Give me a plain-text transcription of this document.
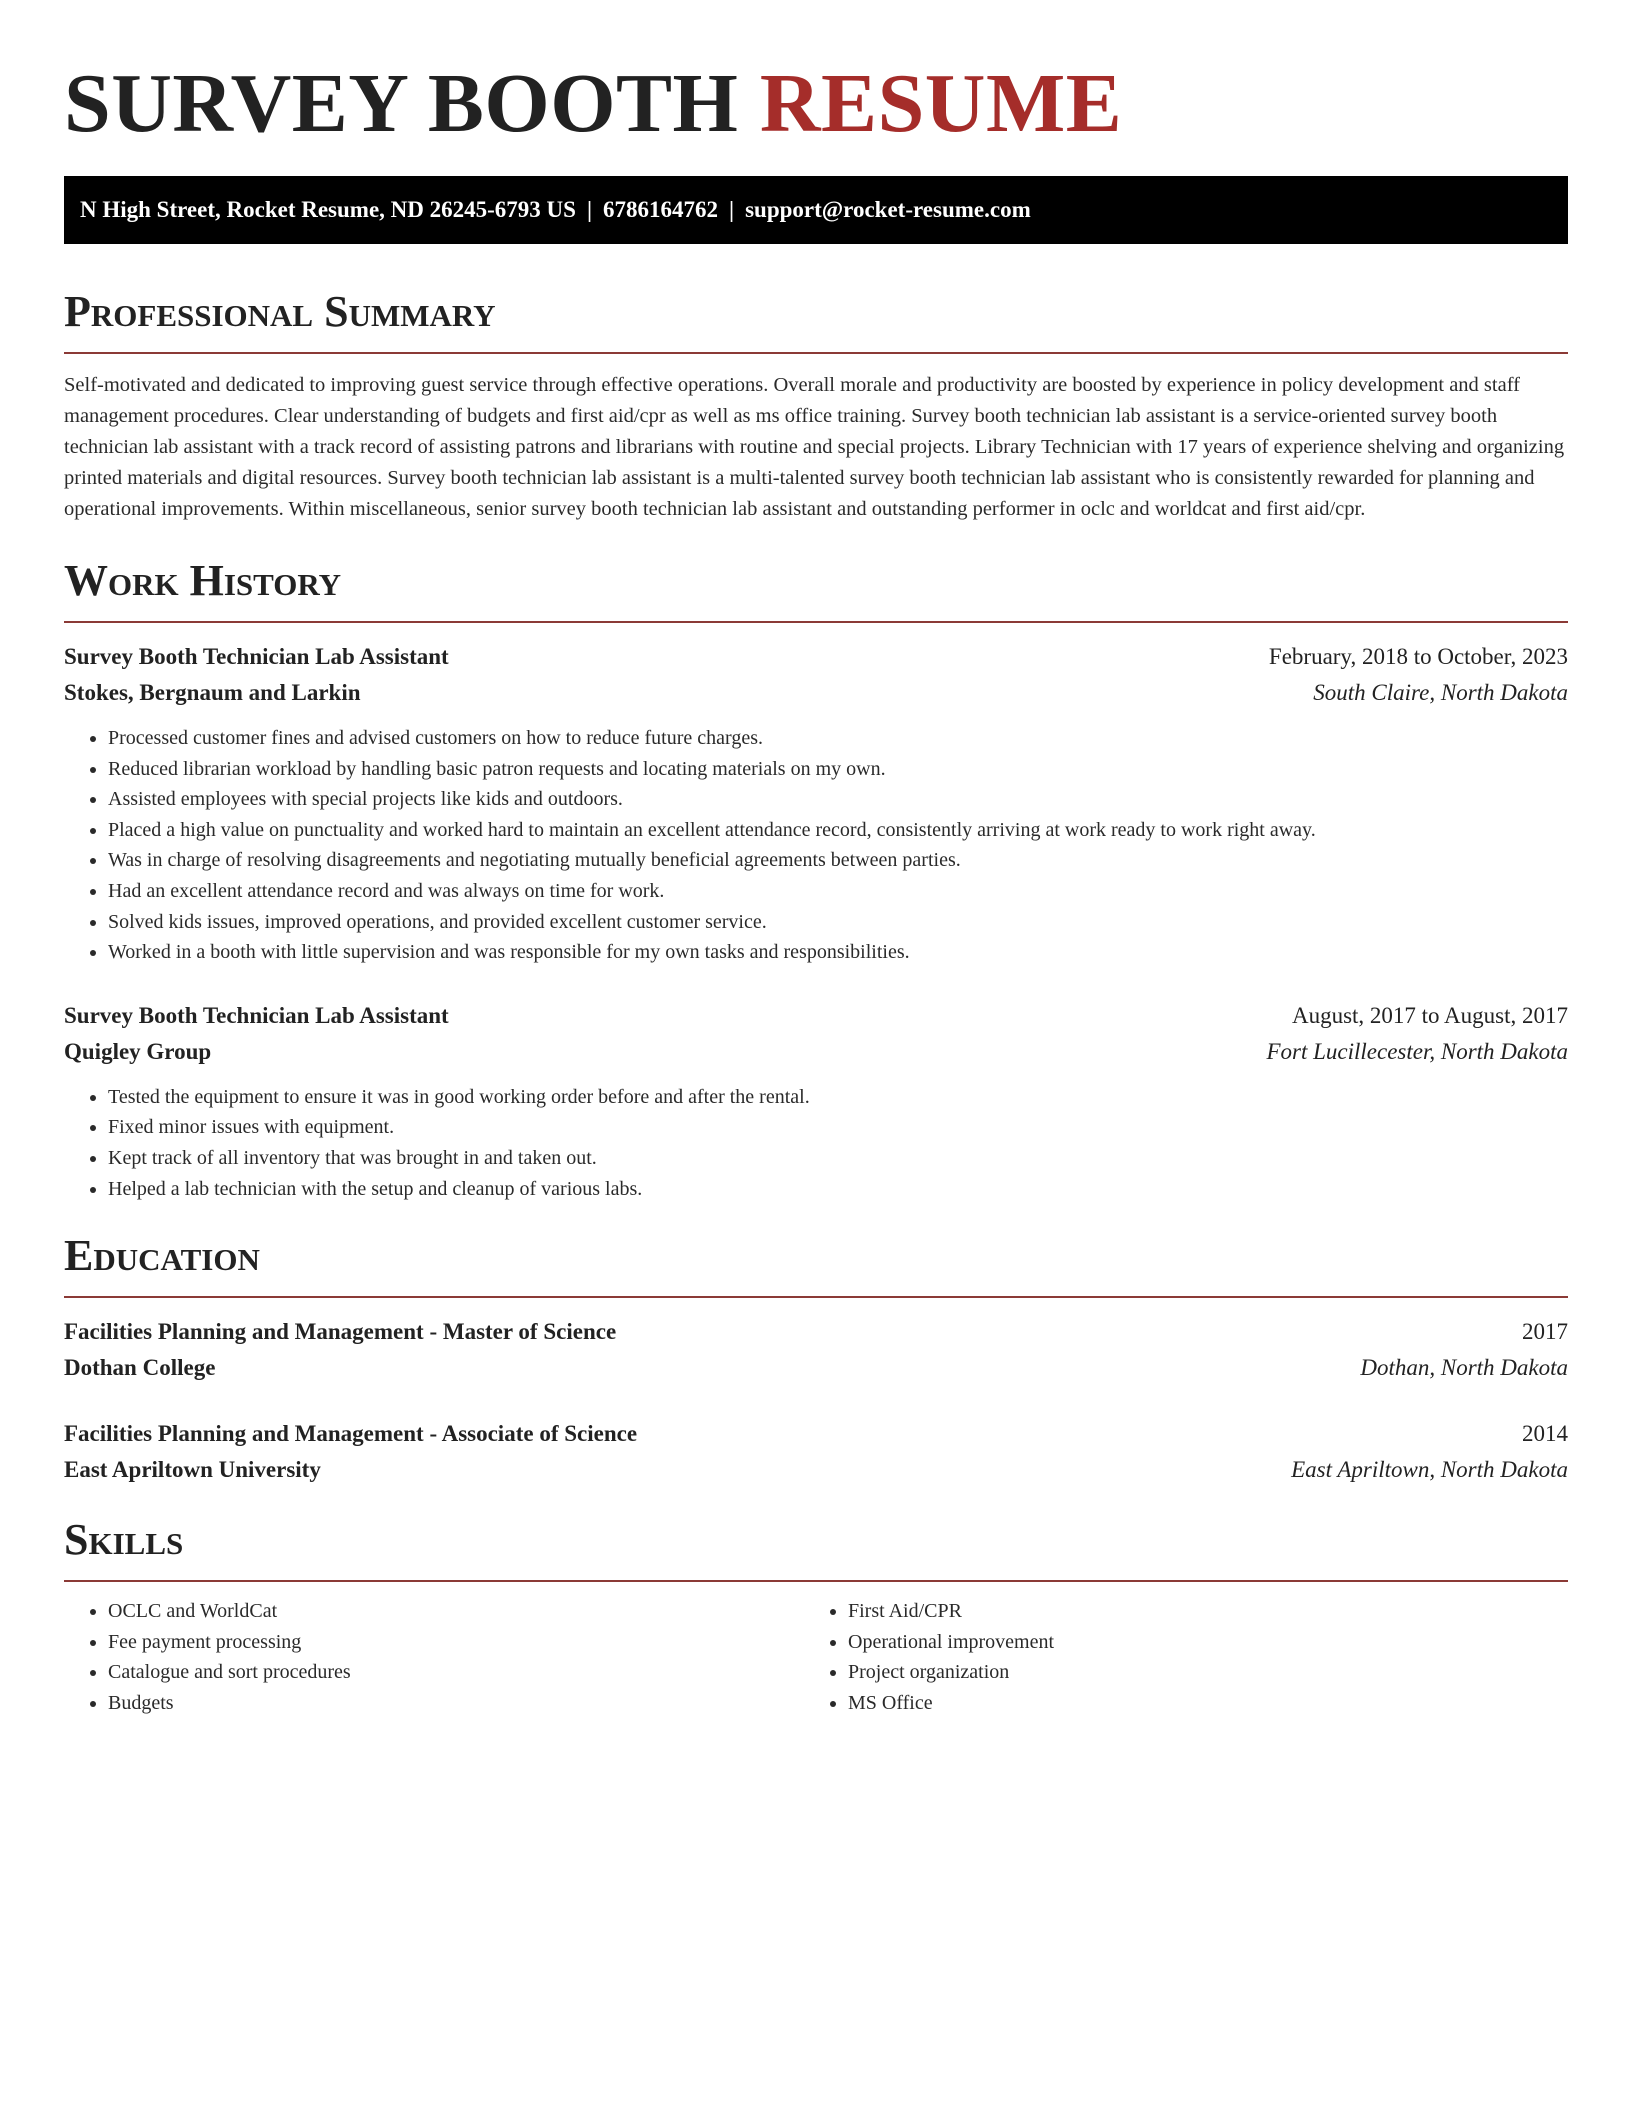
SURVEY BOOTH RESUME
N High Street, Rocket Resume, ND 26245-6793 US | 6786164762 | support@rocket-resume.com
Professional Summary

Self-motivated and dedicated to improving guest service through effective operations. Overall morale and productivity are boosted by experience in policy development and staff management procedures. Clear understanding of budgets and first aid/cpr as well as ms office training. Survey booth technician lab assistant is a service-oriented survey booth technician lab assistant with a track record of assisting patrons and librarians with routine and special projects. Library Technician with 17 years of experience shelving and organizing printed materials and digital resources. Survey booth technician lab assistant is a multi-talented survey booth technician lab assistant who is consistently rewarded for planning and operational improvements. Within miscellaneous, senior survey booth technician lab assistant and outstanding performer in oclc and worldcat and first aid/cpr.

Work History
Survey Booth Technician Lab Assistant	February, 2018 to October, 2023
Stokes, Bergnaum and Larkin	South Claire, North Dakota
• Processed customer fines and advised customers on how to reduce future charges.
• Reduced librarian workload by handling basic patron requests and locating materials on my own.
• Assisted employees with special projects like kids and outdoors.
• Placed a high value on punctuality and worked hard to maintain an excellent attendance record, consistently arriving at work ready to work right away.
• Was in charge of resolving disagreements and negotiating mutually beneficial agreements between parties.
• Had an excellent attendance record and was always on time for work.
• Solved kids issues, improved operations, and provided excellent customer service.
• Worked in a booth with little supervision and was responsible for my own tasks and responsibilities.
Survey Booth Technician Lab Assistant	August, 2017 to August, 2017
Quigley Group	Fort Lucillecester, North Dakota
• Tested the equipment to ensure it was in good working order before and after the rental.
• Fixed minor issues with equipment.
• Kept track of all inventory that was brought in and taken out.
• Helped a lab technician with the setup and cleanup of various labs.
Education
Facilities Planning and Management - Master of Science	2017
Dothan College	Dothan, North Dakota
Facilities Planning and Management - Associate of Science	2014
East Apriltown University	East Apriltown, North Dakota
Skills
• OCLC and WorldCat
• Fee payment processing
• Catalogue and sort procedures
• Budgets
• First Aid/CPR
• Operational improvement
• Project organization
• MS Office
